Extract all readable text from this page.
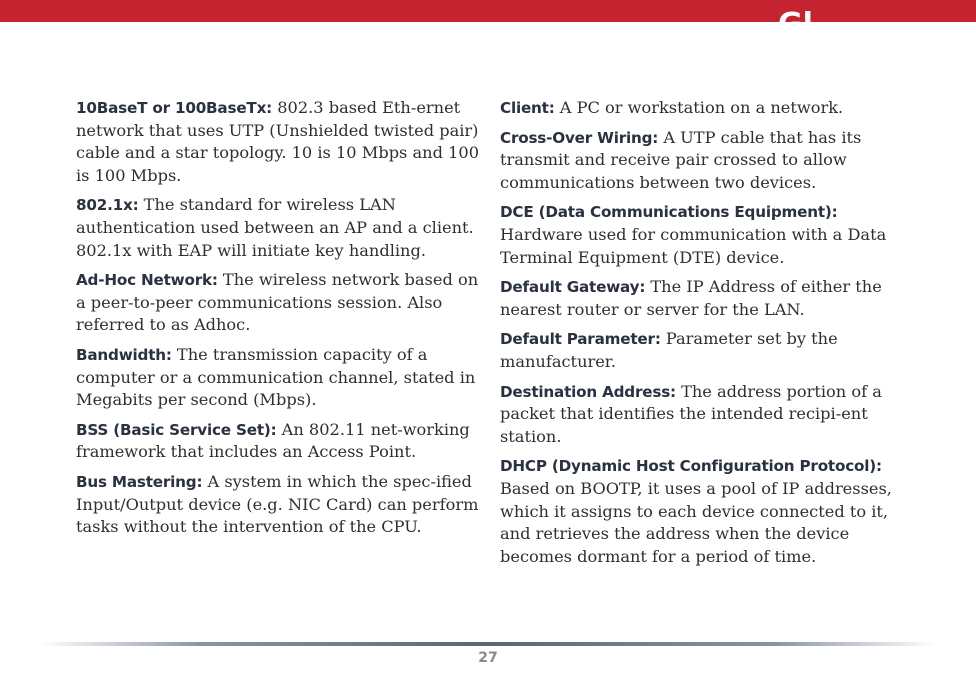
Gl

10BaseT or 100BaseTx: 802.3 based Eth-ernet network that uses UTP (Unshielded twisted pair) cable and a star topology. 10 is 10 Mbps and 100 is 100 Mbps.

802.1x: The standard for wireless LAN authentication used between an AP and a client. 802.1x with EAP will initiate key handling.

Ad-Hoc Network: The wireless network based on a peer-to-peer communications session. Also referred to as Adhoc.

Bandwidth: The transmission capacity of a computer or a communication channel, stated in Megabits per second (Mbps).

BSS (Basic Service Set): An 802.11 net-working framework that includes an Access Point.

Bus Mastering: A system in which the spec-ified Input/Output device (e.g. NIC Card) can perform tasks without the intervention of the CPU.

Client: A PC or workstation on a network.

Cross-Over Wiring: A UTP cable that has its transmit and receive pair crossed to allow communications between two devices.

DCE (Data Communications Equipment): Hardware used for communication with a Data Terminal Equipment (DTE) device.

Default Gateway: The IP Address of either the nearest router or server for the LAN.

Default Parameter: Parameter set by the manufacturer.

Destination Address: The address portion of a packet that identifies the intended recipi-ent station.

DHCP (Dynamic Host Configuration Protocol): Based on BOOTP, it uses a pool of IP addresses, which it assigns to each device connected to it, and retrieves the address when the device becomes dormant for a period of time.

27
